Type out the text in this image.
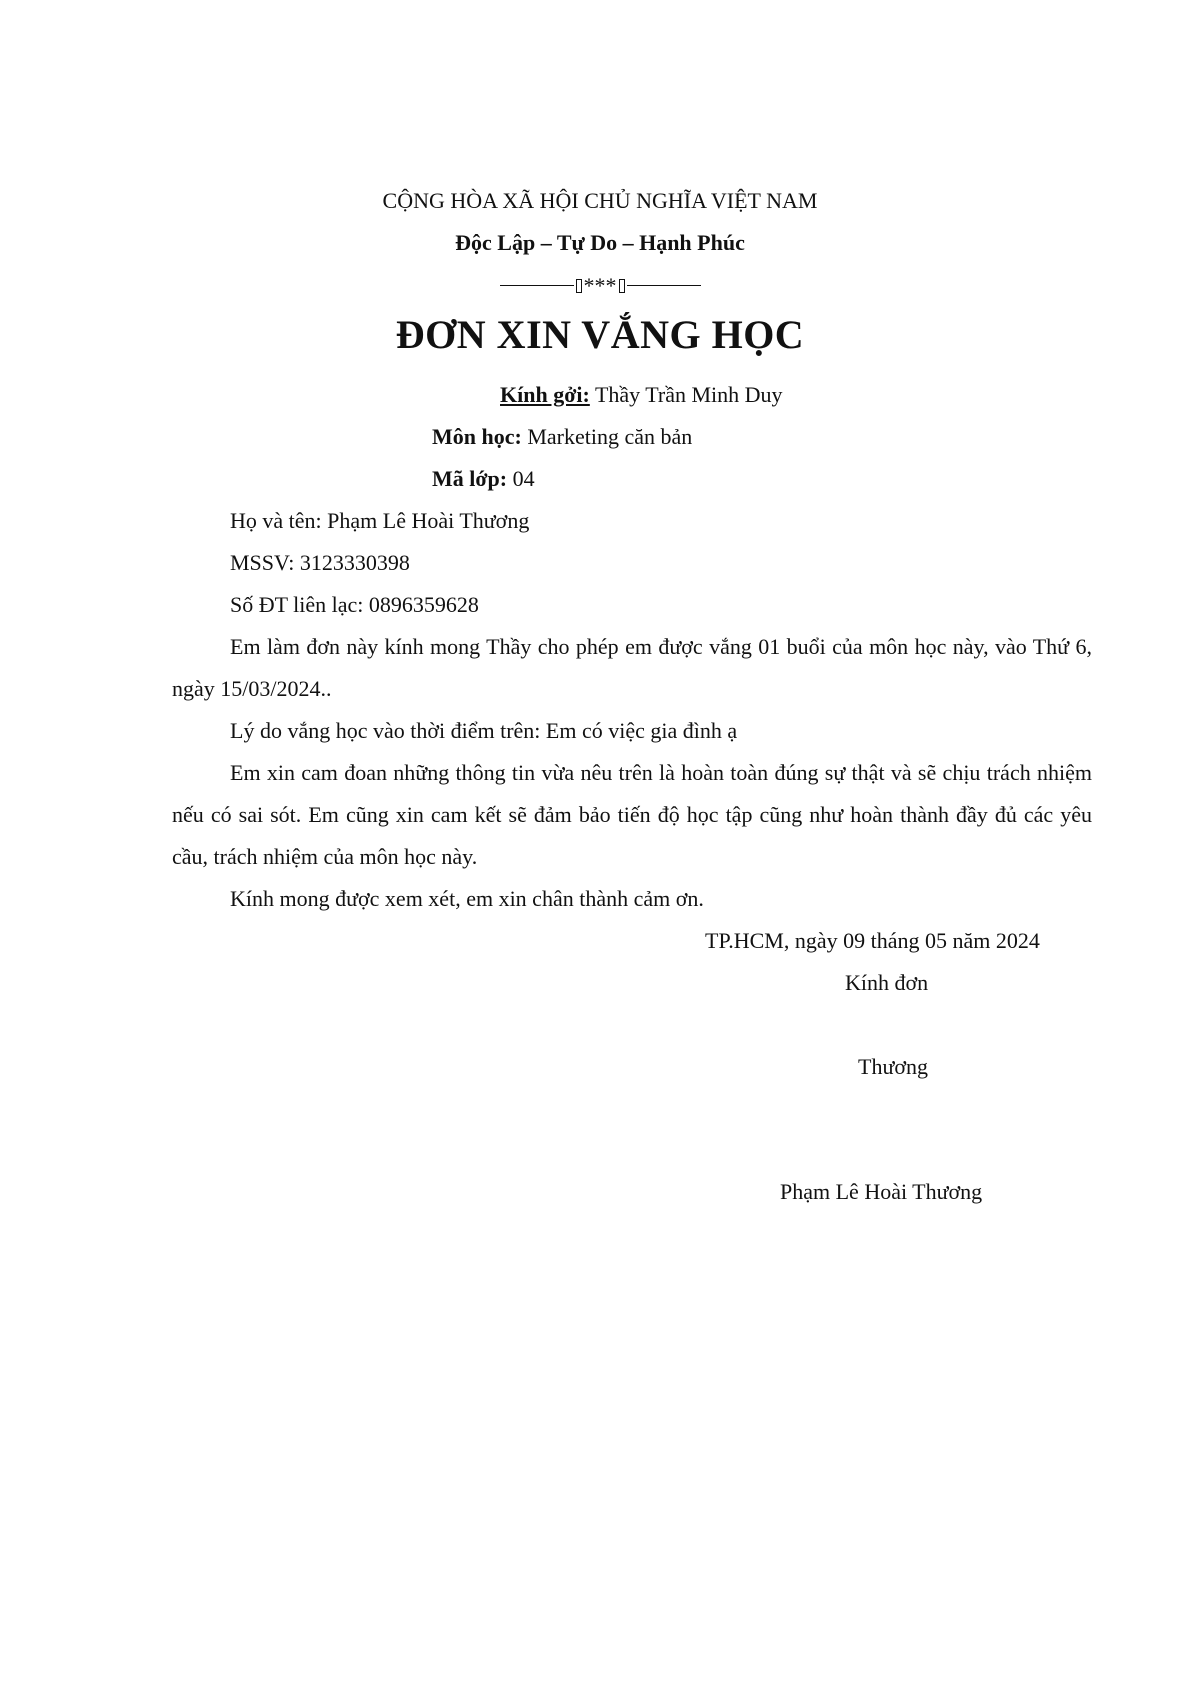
CỘNG HÒA XÃ HỘI CHỦ NGHĨA VIỆT NAM
Độc Lập – Tự Do – Hạnh Phúc
***
ĐƠN XIN VẮNG HỌC
Kính gởi: Thầy Trần Minh Duy
Môn học: Marketing căn bản
Mã lớp: 04
Họ và tên: Phạm Lê Hoài Thương
MSSV: 3123330398
Số ĐT liên lạc: 0896359628
Em làm đơn này kính mong Thầy cho phép em được vắng 01 buổi của môn học này, vào Thứ 6, ngày 15/03/2024..
Lý do vắng học vào thời điểm trên: Em có việc gia đình ạ
Em xin cam đoan những thông tin vừa nêu trên là hoàn toàn đúng sự thật và sẽ chịu trách nhiệm nếu có sai sót. Em cũng xin cam kết sẽ đảm bảo tiến độ học tập cũng như hoàn thành đầy đủ các yêu cầu, trách nhiệm của môn học này.
Kính mong được xem xét, em xin chân thành cảm ơn.
TP.HCM, ngày 09 tháng 05 năm 2024
Kính đơn
Thương
Phạm Lê Hoài Thương
